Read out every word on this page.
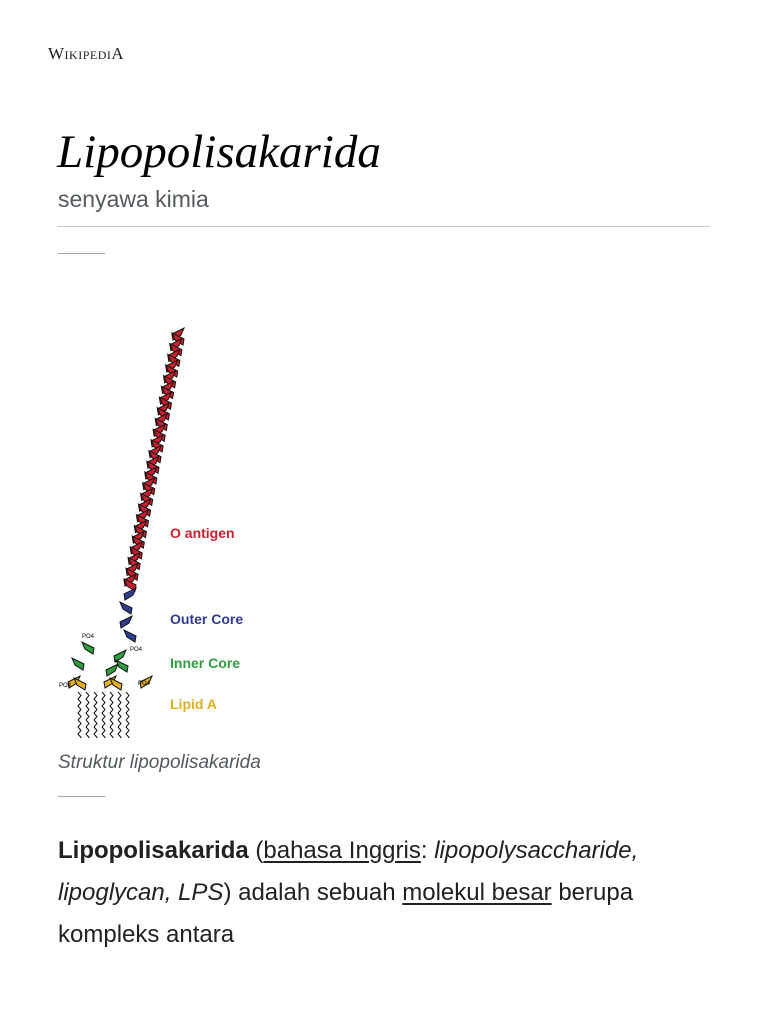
WikipediA
Lipopolisakarida
senyawa kimia
O antigen
Outer Core
Inner Core
Lipid A
PO4
PO4
PO4	PO4
Struktur lipopolisakarida

Lipopolisakarida (bahasa Inggris: lipopolysaccharide, lipoglycan, LPS) adalah sebuah molekul besar berupa kompleks antara
